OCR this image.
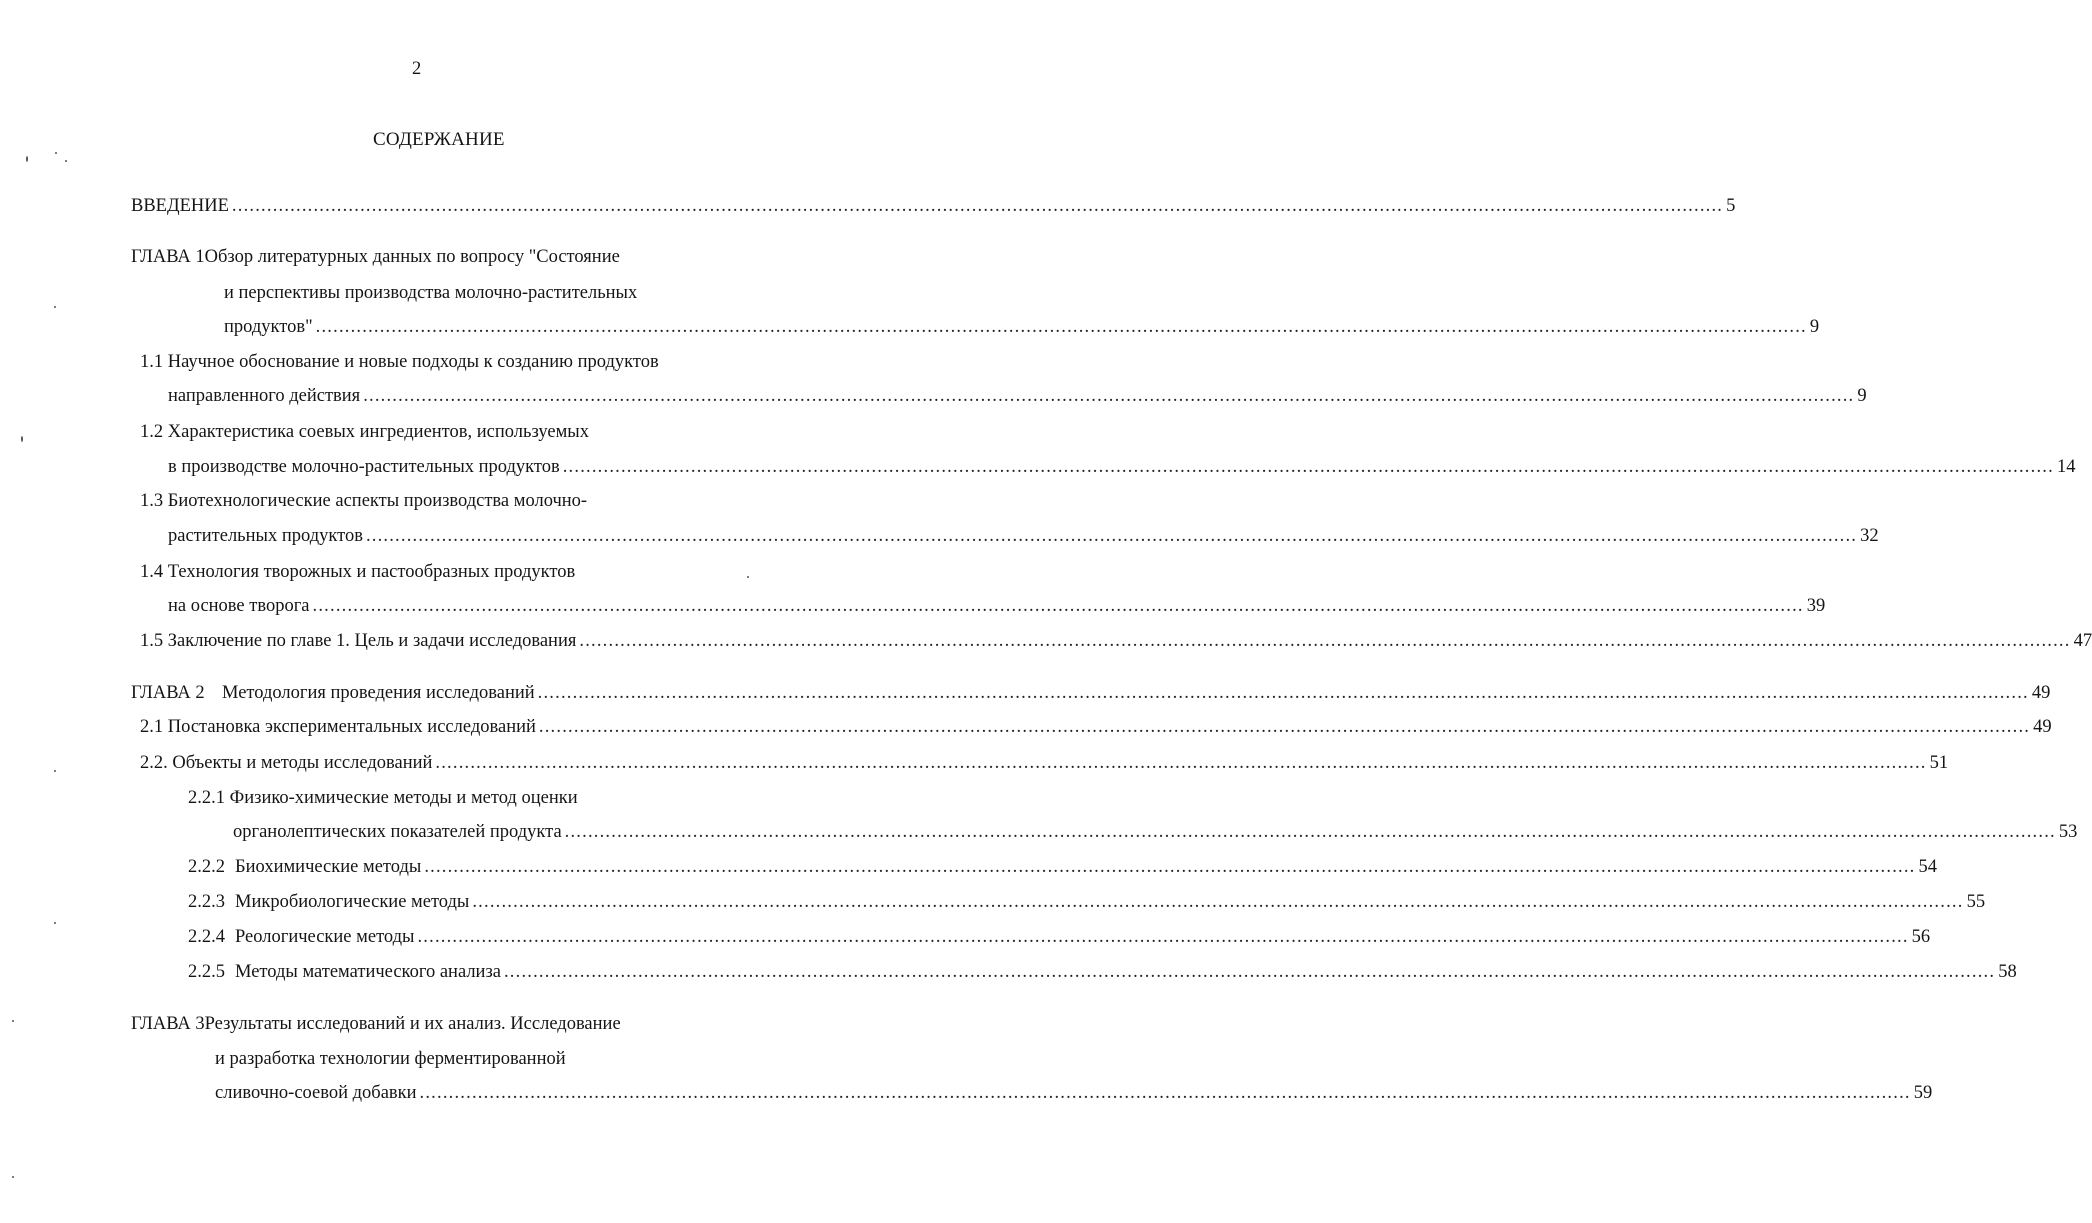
2
СОДЕРЖАНИЕ
ВВЕДЕНИЕ ................................................................................................................................................................................................................................................................ 5
ГЛАВА 1Обзор литературных данных по вопросу "Состояние
и перспективы производства молочно-растительных
продуктов" ................................................................................................................................................................................................................................................................ 9
1.1 Научное обоснование и новые подходы к созданию продуктов
направленного действия ................................................................................................................................................................................................................................................................ 9
1.2 Характеристика соевых ингредиентов, используемых
в производстве молочно-растительных продуктов ................................................................................................................................................................................................................................................................ 14
1.3 Биотехнологические аспекты производства молочно-
растительных продуктов ................................................................................................................................................................................................................................................................ 32
1.4 Технология творожных и пастообразных продуктов
на основе творога ................................................................................................................................................................................................................................................................ 39
1.5 Заключение по главе 1. Цель и задачи исследования ................................................................................................................................................................................................................................................................ 47
ГЛАВА 2 Методология проведения исследований ................................................................................................................................................................................................................................................................ 49
2.1 Постановка экспериментальных исследований ................................................................................................................................................................................................................................................................ 49
2.2. Объекты и методы исследований ................................................................................................................................................................................................................................................................ 51
2.2.1 Физико-химические методы и метод оценки
органолептических показателей продукта ................................................................................................................................................................................................................................................................ 53
2.2.2 Биохимические методы ................................................................................................................................................................................................................................................................ 54
2.2.3 Микробиологические методы ................................................................................................................................................................................................................................................................ 55
2.2.4 Реологические методы ................................................................................................................................................................................................................................................................ 56
2.2.5 Методы математического анализа ................................................................................................................................................................................................................................................................ 58
ГЛАВА 3Результаты исследований и их анализ. Исследование
и разработка технологии ферментированной
сливочно-соевой добавки ................................................................................................................................................................................................................................................................ 59
